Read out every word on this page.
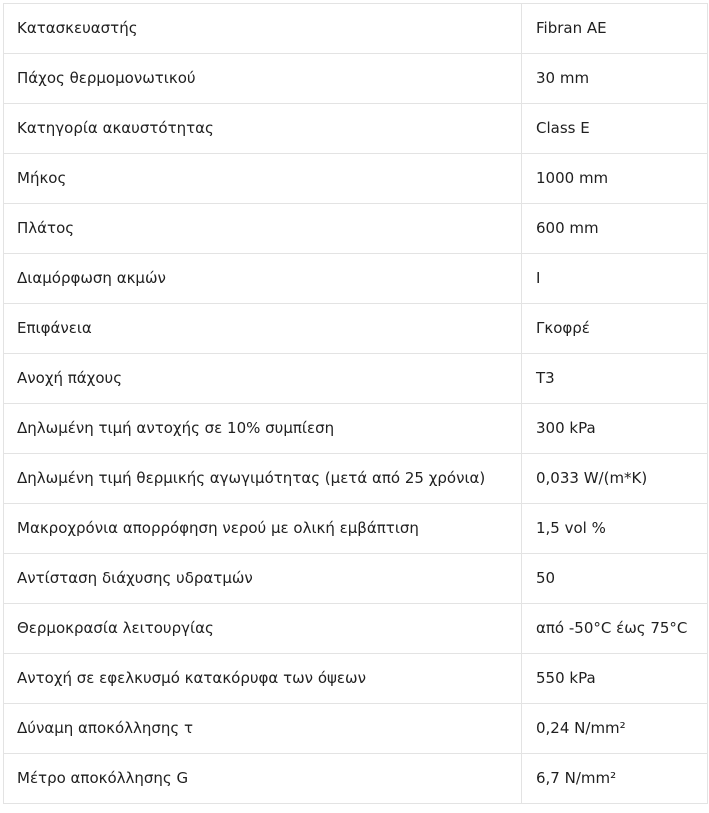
Κατασκευαστής	Fibran AE
Πάχος θερμομονωτικού	30 mm
Κατηγορία ακαυστότητας	Class E
Μήκος	1000 mm
Πλάτος	600 mm
Διαμόρφωση ακμών	I
Επιφάνεια	Γκοφρέ
Ανοχή πάχους	T3
Δηλωμένη τιμή αντοχής σε 10% συμπίεση	300 kPa
Δηλωμένη τιμή θερμικής αγωγιμότητας (μετά από 25 χρόνια)	0,033 W/(m*K)
Μακροχρόνια απορρόφηση νερού με ολική εμβάπτιση	1,5 vol %
Αντίσταση διάχυσης υδρατμών	50
Θερμοκρασία λειτουργίας	από -50°C έως 75°C
Αντοχή σε εφελκυσμό κατακόρυφα των όψεων	550 kPa
Δύναμη αποκόλλησης τ	0,24 N/mm²
Μέτρο αποκόλλησης G	6,7 N/mm²
